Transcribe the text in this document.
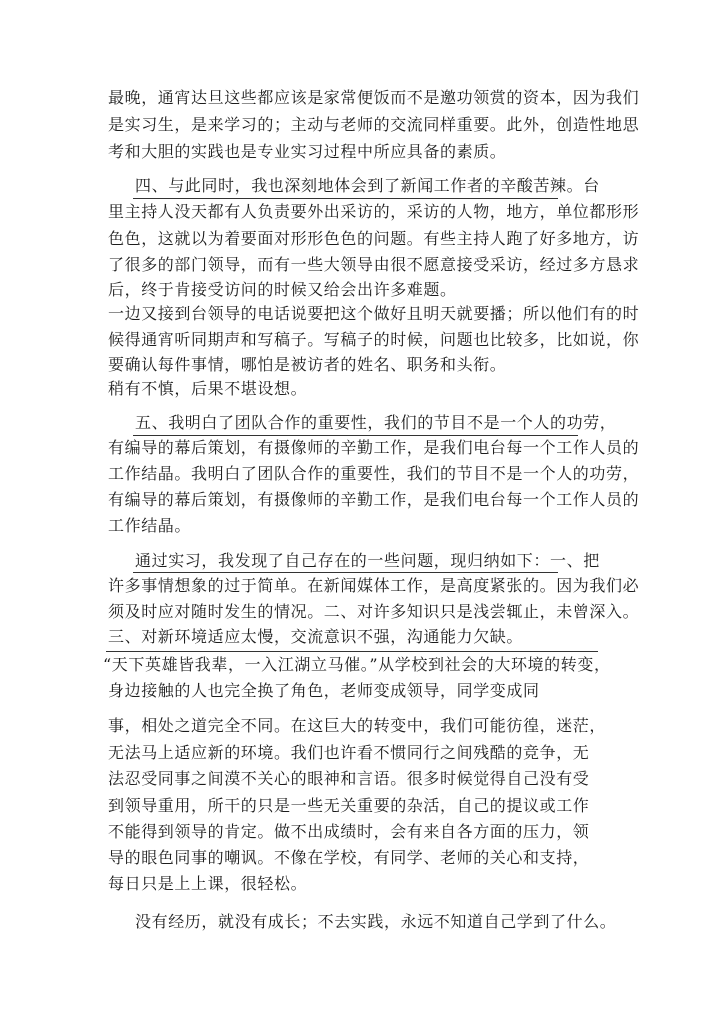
最晚，通宵达旦这些都应该是家常便饭而不是邀功领赏的资本，因为我们
是实习生，是来学习的；主动与老师的交流同样重要。此外，创造性地思
考和大胆的实践也是专业实习过程中所应具备的素质。
四、与此同时，我也深刻地体会到了新闻工作者的辛酸苦辣。台
里主持人没天都有人负责要外出采访的，采访的人物，地方，单位都形形
色色，这就以为着要面对形形色色的问题。有些主持人跑了好多地方，访
了很多的部门领导，而有一些大领导由很不愿意接受采访，经过多方恳求
后，终于肯接受访问的时候又给会出许多难题。
一边又接到台领导的电话说要把这个做好且明天就要播；所以他们有的时
候得通宵听同期声和写稿子。写稿子的时候，问题也比较多，比如说，你
要确认每件事情，哪怕是被访者的姓名、职务和头衔。
稍有不慎，后果不堪设想。
五、我明白了团队合作的重要性，我们的节目不是一个人的功劳，
有编导的幕后策划，有摄像师的辛勤工作，是我们电台每一个工作人员的
工作结晶。我明白了团队合作的重要性，我们的节目不是一个人的功劳，
有编导的幕后策划，有摄像师的辛勤工作，是我们电台每一个工作人员的
工作结晶。
通过实习，我发现了自己存在的一些问题，现归纳如下：一、把
许多事情想象的过于简单。在新闻媒体工作，是高度紧张的。因为我们必
须及时应对随时发生的情况。二、对许多知识只是浅尝辄止，未曾深入。
三、对新环境适应太慢，交流意识不强，沟通能力欠缺。
“天下英雄皆我辈，一入江湖立马催。”从学校到社会的大环境的转变，
身边接触的人也完全换了角色，老师变成领导，同学变成同
事，相处之道完全不同。在这巨大的转变中，我们可能彷徨，迷茫，
无法马上适应新的环境。我们也许看不惯同行之间残酷的竞争，无
法忍受同事之间漠不关心的眼神和言语。很多时候觉得自己没有受
到领导重用，所干的只是一些无关重要的杂活，自己的提议或工作
不能得到领导的肯定。做不出成绩时，会有来自各方面的压力，领
导的眼色同事的嘲讽。不像在学校，有同学、老师的关心和支持，
每日只是上上课，很轻松。
没有经历，就没有成长；不去实践，永远不知道自己学到了什么。
